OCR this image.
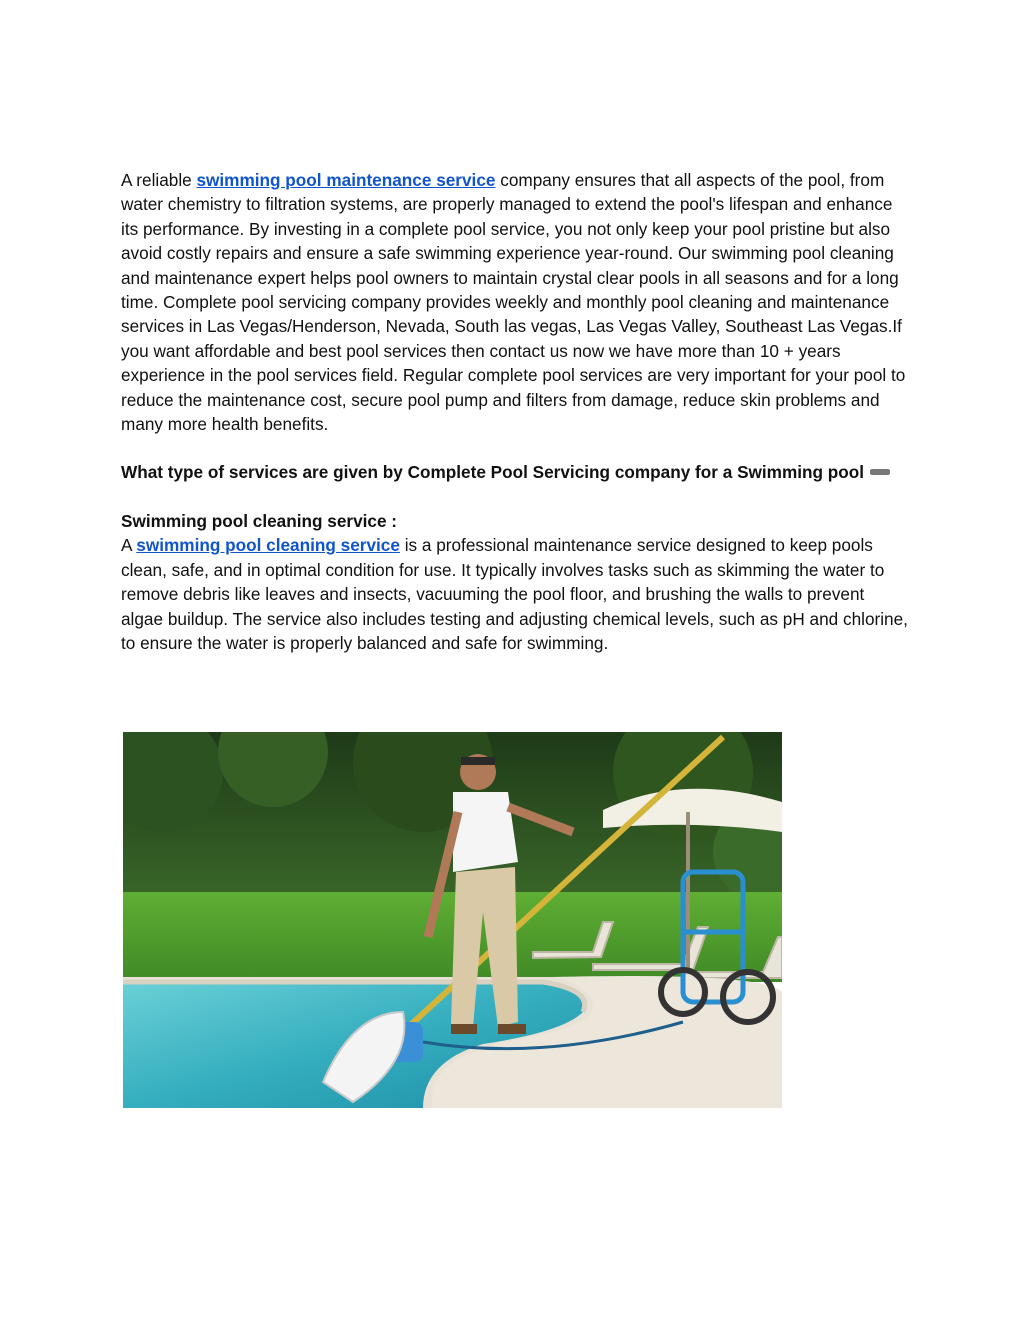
A reliable swimming pool maintenance service company ensures that all aspects of the pool, from water chemistry to filtration systems, are properly managed to extend the pool's lifespan and enhance its performance. By investing in a complete pool service, you not only keep your pool pristine but also avoid costly repairs and ensure a safe swimming experience year-round. Our swimming pool cleaning and maintenance expert helps pool owners to maintain crystal clear pools in all seasons and for a long time. Complete pool servicing company provides weekly and monthly pool cleaning and maintenance services in Las Vegas/Henderson, Nevada, South las vegas, Las Vegas Valley, Southeast Las Vegas.If you want affordable and best pool services then contact us now we have more than 10 + years experience in the pool services field. Regular complete pool services are very important for your pool to reduce the maintenance cost, secure pool pump and filters from damage, reduce skin problems and many more health benefits.

What type of services are given by Complete Pool Servicing company for a Swimming pool

Swimming pool cleaning service :

A swimming pool cleaning service is a professional maintenance service designed to keep pools clean, safe, and in optimal condition for use. It typically involves tasks such as skimming the water to remove debris like leaves and insects, vacuuming the pool floor, and brushing the walls to prevent algae buildup. The service also includes testing and adjusting chemical levels, such as pH and chlorine, to ensure the water is properly balanced and safe for swimming.
